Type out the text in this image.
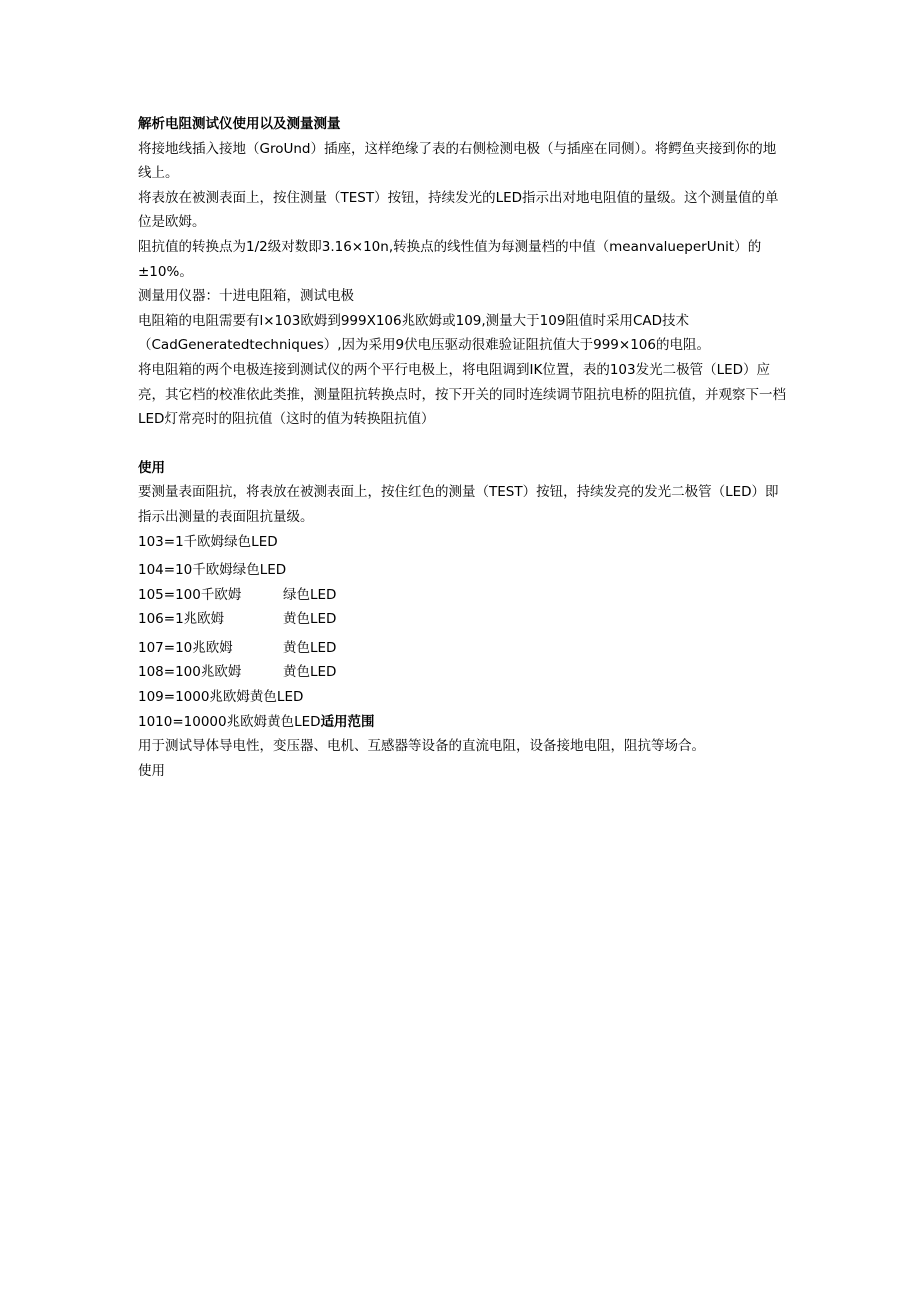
解析电阻测试仪使用以及测量测量

将接地线插入接地（GroUnd）插座，这样绝缘了表的右侧检测电极（与插座在同侧）。将鳄鱼夹接到你的地线上。

将表放在被测表面上，按住测量（TEST）按钮，持续发光的LED指示出对地电阻值的量级。这个测量值的单位是欧姆。

阻抗值的转换点为1/2级对数即3.16×10n,转换点的线性值为每测量档的中值（meanvalueperUnit）的±10%。

测量用仪器：十进电阻箱，测试电极

电阻箱的电阻需要有l×103欧姆到999X106兆欧姆或109,测量大于109阻值时采用CAD技术（CadGeneratedtechniques）,因为采用9伏电压驱动很难验证阻抗值大于999×106的电阻。

将电阻箱的两个电极连接到测试仪的两个平行电极上，将电阻调到IK位置，表的103发光二极管（LED）应亮，其它档的校准依此类推，测量阻抗转换点时，按下开关的同时连续调节阻抗电桥的阻抗值，并观察下一档LED灯常亮时的阻抗值（这时的值为转换阻抗值）

使用

要测量表面阻抗，将表放在被测表面上，按住红色的测量（TEST）按钮，持续发亮的发光二极管（LED）即指示出测量的表面阻抗量级。

103=1千欧姆绿色LED
104=10千欧姆绿色LED
105=100千欧姆	绿色LED
106=1兆欧姆	黄色LED
107=10兆欧姆	黄色LED
108=100兆欧姆	黄色LED
109=1000兆欧姆黄色LED

1010=10000兆欧姆黄色LED适用范围

用于测试导体导电性，变压器、电机、互感器等设备的直流电阻，设备接地电阻，阻抗等场合。

使用
